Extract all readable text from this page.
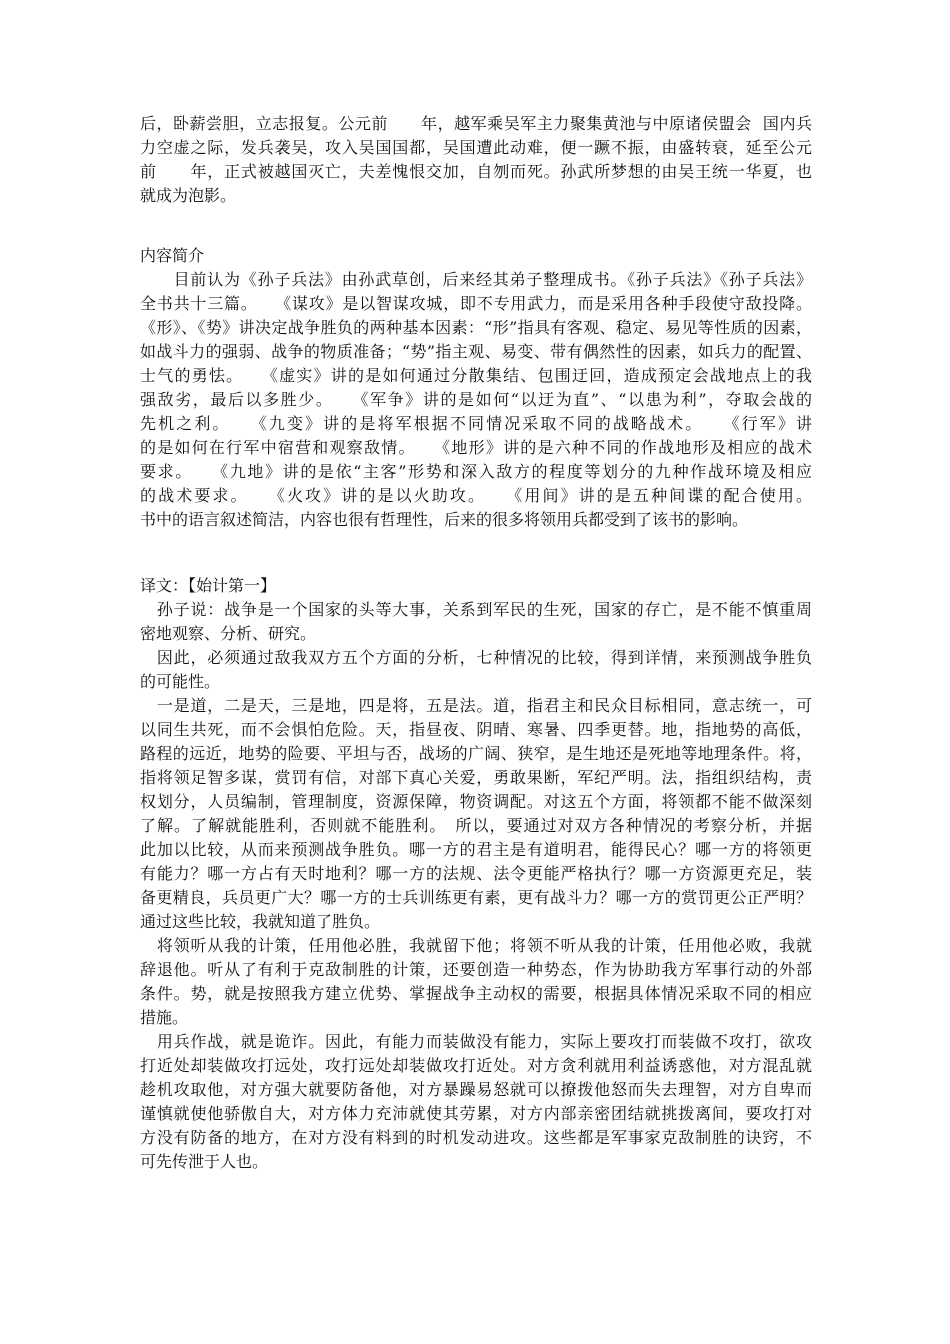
后，卧薪尝胆，立志报复。公元前　　年，越军乘吴军主力聚集黄池与中原诸侯盟会  国内兵
力空虚之际，发兵袭吴，攻入吴国国都，吴国遭此动难，便一蹶不振，由盛转衰，延至公元
前　　年，正式被越国灭亡，夫差愧恨交加，自刎而死。孙武所梦想的由吴王统一华夏，也
就成为泡影。
内容简介
　　目前认为《孙子兵法》由孙武草创，后来经其弟子整理成书。《孙子兵法》《孙子兵法》
全书共十三篇。　　《谋攻》是以智谋攻城，即不专用武力，而是采用各种手段使守敌投降。
《形》、《势》讲决定战争胜负的两种基本因素：“形”指具有客观、稳定、易见等性质的因素，
如战斗力的强弱、战争的物质准备；“势”指主观、易变、带有偶然性的因素，如兵力的配置、
士气的勇怯。　　《虚实》讲的是如何通过分散集结、包围迂回，造成预定会战地点上的我
强敌劣，最后以多胜少。　　《军争》讲的是如何“以迂为直”、“以患为利”，夺取会战的
先机之利。　　《九变》讲的是将军根据不同情况采取不同的战略战术。　　《行军》讲
的是如何在行军中宿营和观察敌情。　　《地形》讲的是六种不同的作战地形及相应的战术
要求。　　《九地》讲的是依“主客”形势和深入敌方的程度等划分的九种作战环境及相应
的战术要求。　　《火攻》讲的是以火助攻。　　《用间》讲的是五种间谍的配合使用。
书中的语言叙述简洁，内容也很有哲理性，后来的很多将领用兵都受到了该书的影响。
译文：【始计第一】
　孙子说：战争是一个国家的头等大事，关系到军民的生死，国家的存亡，是不能不慎重周
密地观察、分析、研究。
　因此，必须通过敌我双方五个方面的分析，七种情况的比较，得到详情，来预测战争胜负
的可能性。
　一是道，二是天，三是地，四是将，五是法。道，指君主和民众目标相同，意志统一，可
以同生共死，而不会惧怕危险。天，指昼夜、阴晴、寒暑、四季更替。地，指地势的高低，
路程的远近，地势的险要、平坦与否，战场的广阔、狭窄，是生地还是死地等地理条件。将，
指将领足智多谋，赏罚有信，对部下真心关爱，勇敢果断，军纪严明。法，指组织结构，责
权划分，人员编制，管理制度，资源保障，物资调配。对这五个方面，将领都不能不做深刻
了解。了解就能胜利，否则就不能胜利。　所以，要通过对双方各种情况的考察分析，并据
此加以比较，从而来预测战争胜负。哪一方的君主是有道明君，能得民心？哪一方的将领更
有能力？哪一方占有天时地利？哪一方的法规、法令更能严格执行？哪一方资源更充足，装
备更精良，兵员更广大？哪一方的士兵训练更有素，更有战斗力？哪一方的赏罚更公正严明？
通过这些比较，我就知道了胜负。
　将领听从我的计策，任用他必胜，我就留下他；将领不听从我的计策，任用他必败，我就
辞退他。听从了有利于克敌制胜的计策，还要创造一种势态，作为协助我方军事行动的外部
条件。势，就是按照我方建立优势、掌握战争主动权的需要，根据具体情况采取不同的相应
措施。
　用兵作战，就是诡诈。因此，有能力而装做没有能力，实际上要攻打而装做不攻打，欲攻
打近处却装做攻打远处，攻打远处却装做攻打近处。对方贪利就用利益诱惑他，对方混乱就
趁机攻取他，对方强大就要防备他，对方暴躁易怒就可以撩拨他怒而失去理智，对方自卑而
谨慎就使他骄傲自大，对方体力充沛就使其劳累，对方内部亲密团结就挑拨离间，要攻打对
方没有防备的地方，在对方没有料到的时机发动进攻。这些都是军事家克敌制胜的诀窍，不
可先传泄于人也。
